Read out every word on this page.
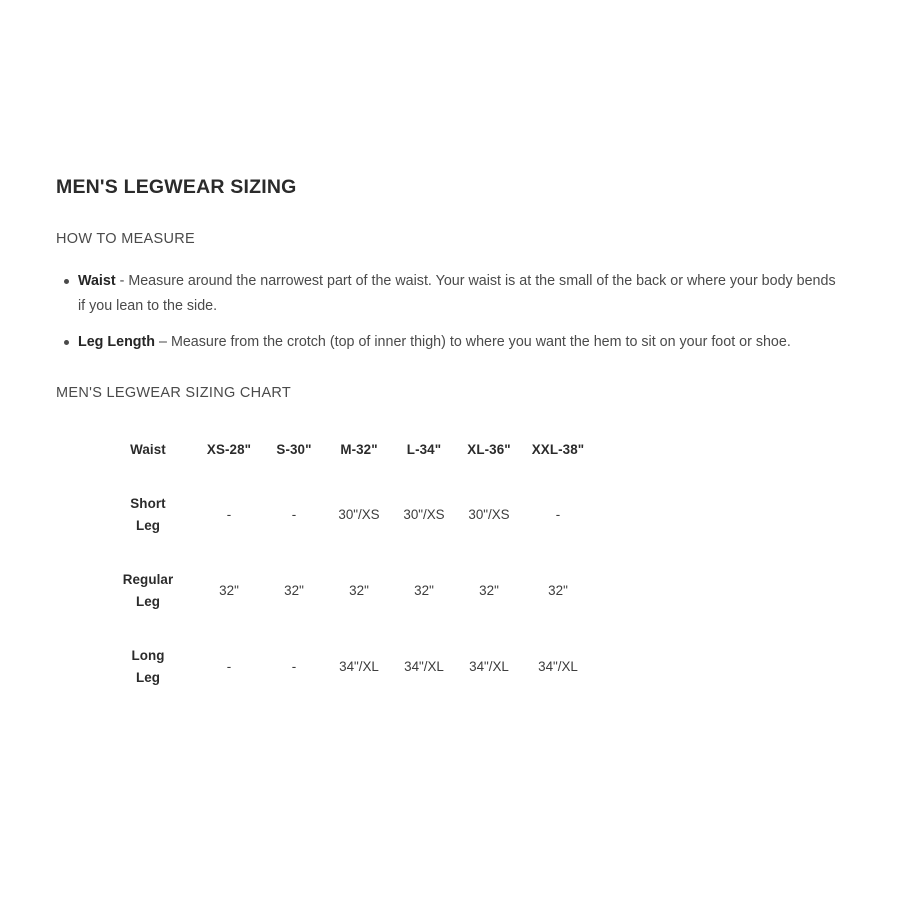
MEN'S LEGWEAR SIZING
HOW TO MEASURE
Waist - Measure around the narrowest part of the waist. Your waist is at the small of the back or where your body bends if you lean to the side.
Leg Length – Measure from the crotch (top of inner thigh) to where you want the hem to sit on your foot or shoe.
MEN'S LEGWEAR SIZING CHART
Waist	XS-28"	S-30"	M-32"	L-34"	XL-36"	XXL-38"
Short
Leg	-	-	30"/XS	30"/XS	30"/XS	-
Regular
Leg	32"	32"	32"	32"	32"	32"
Long
Leg	-	-	34"/XL	34"/XL	34"/XL	34"/XL
